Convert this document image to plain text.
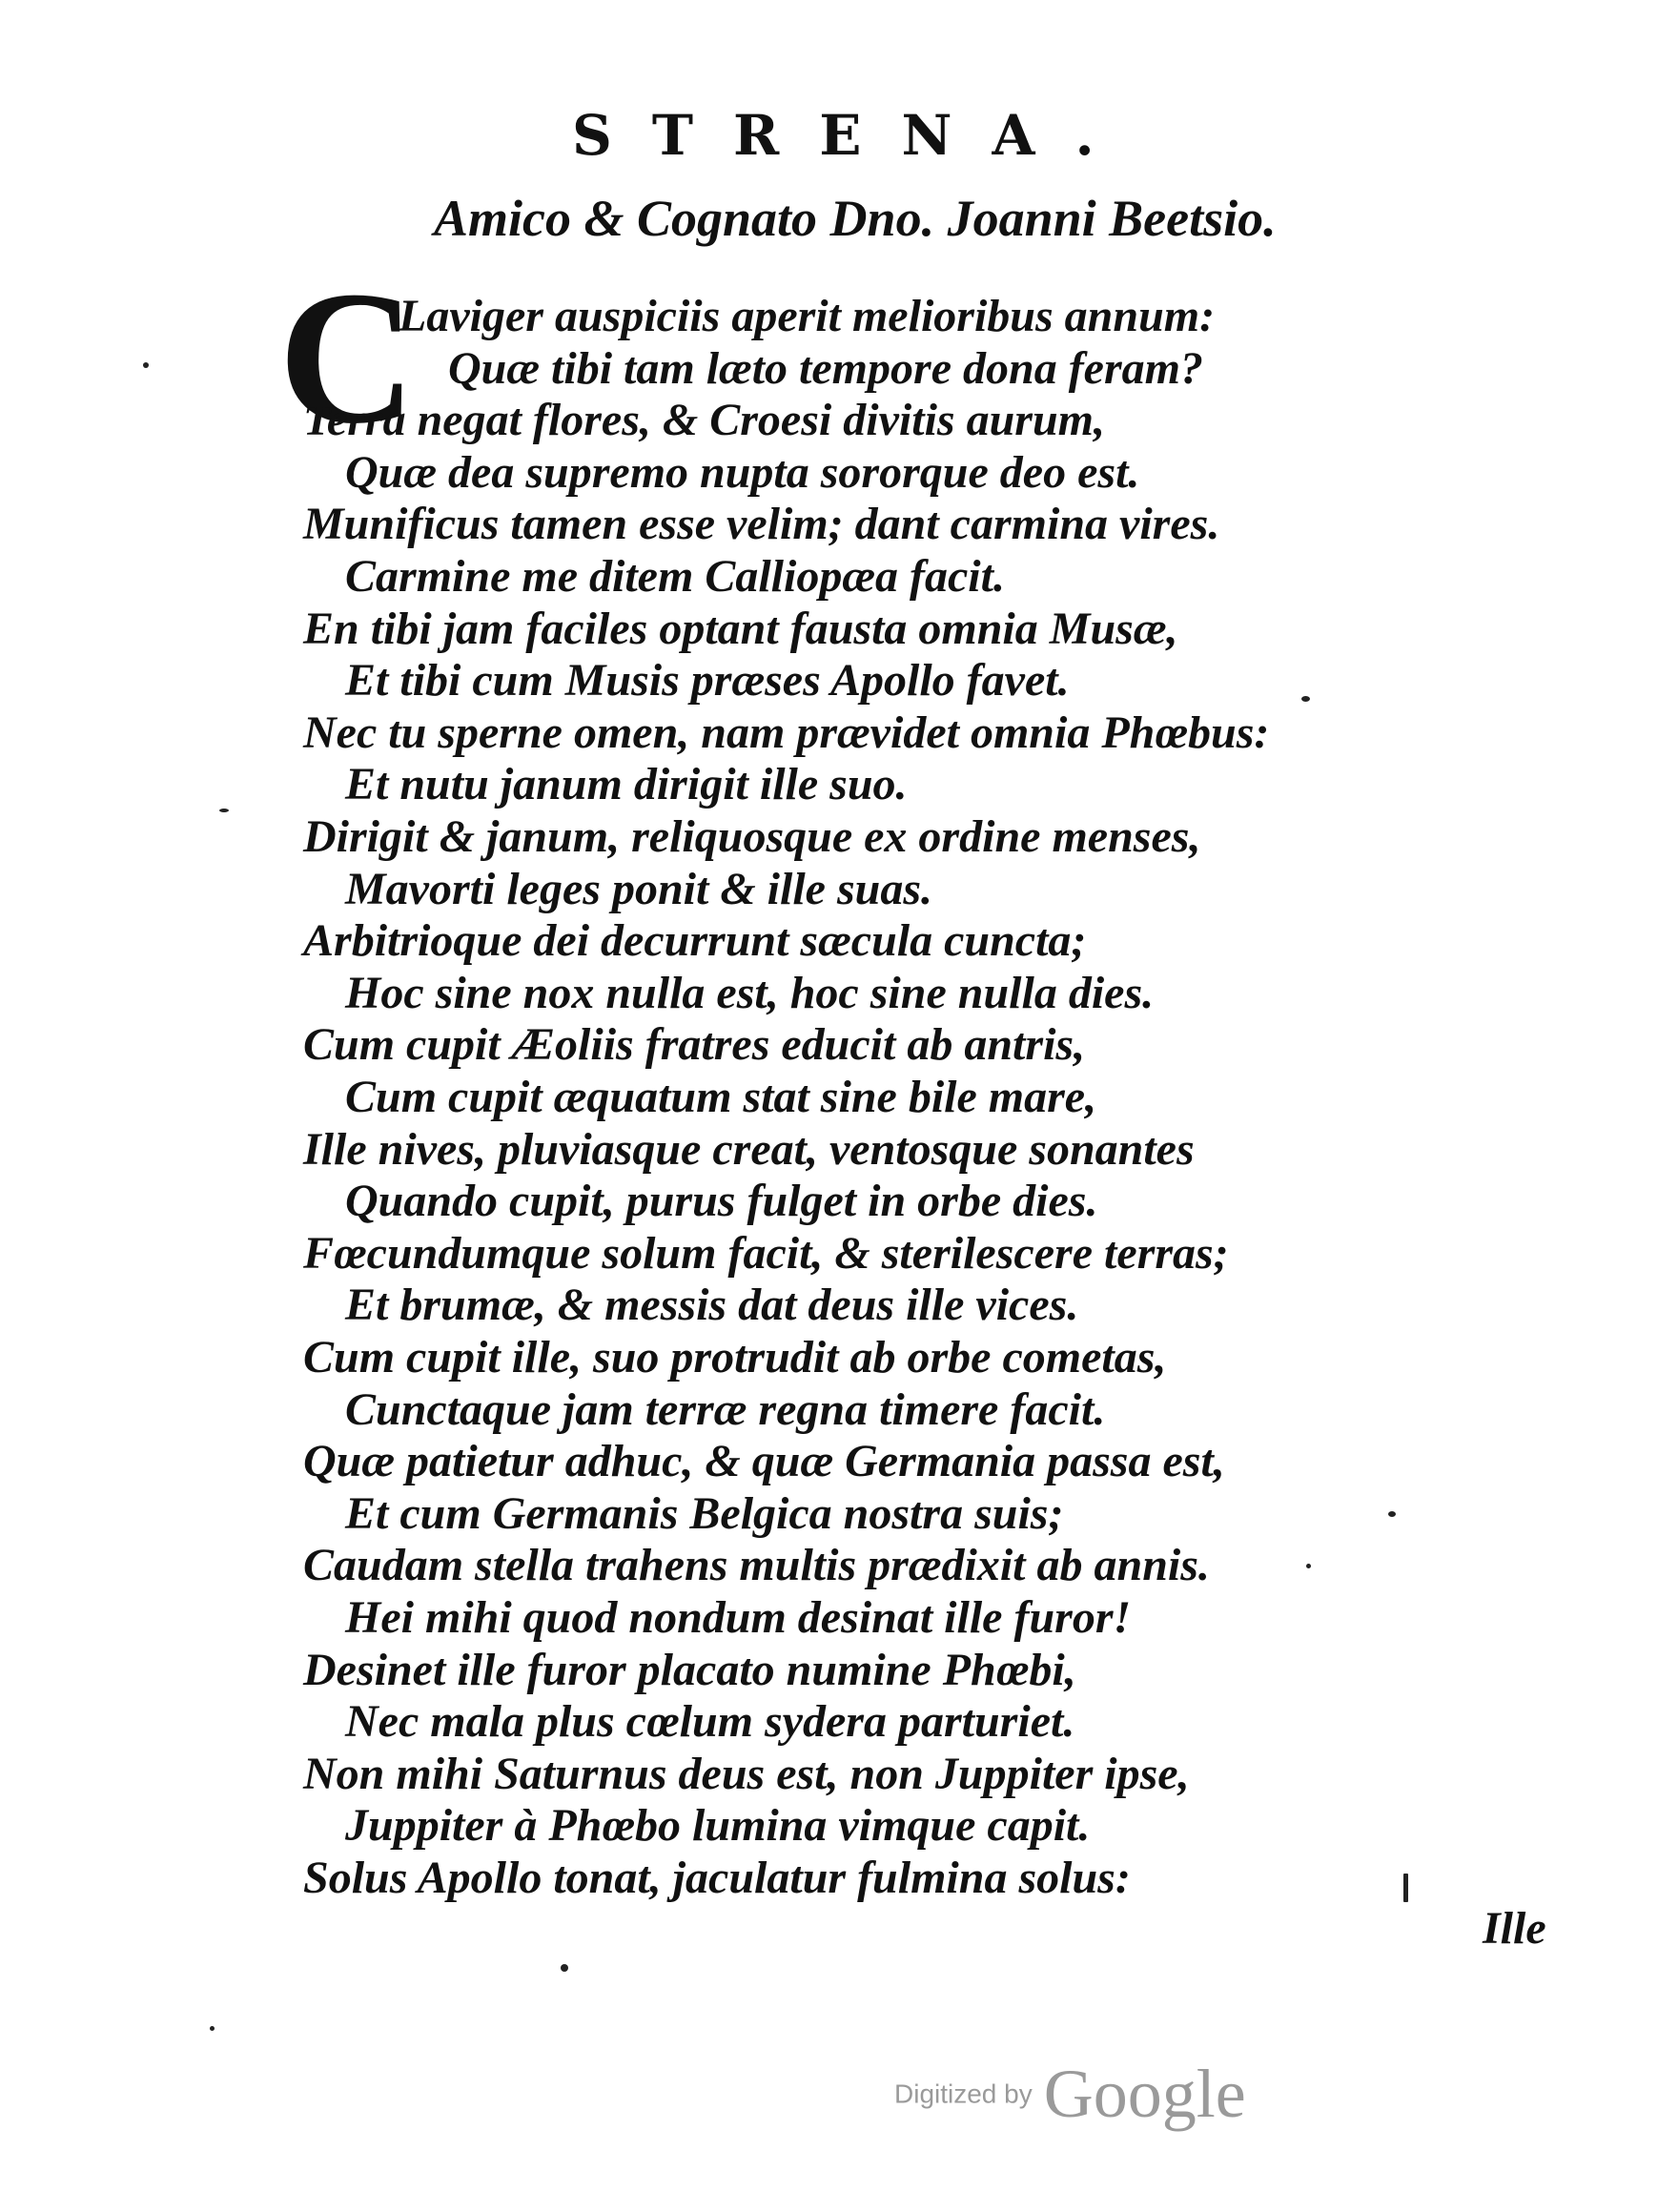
STRENA.
Amico & Cognato Dno. Joanni Beetsio.
C
Laviger auspiciis aperit melioribus annum:
Quæ tibi tam læto tempore dona feram?
Terra negat flores, & Croesi divitis aurum,
Quæ dea supremo nupta sororque deo est.
Munificus tamen esse velim; dant carmina vires.
Carmine me ditem Calliopæa facit.
En tibi jam faciles optant fausta omnia Musæ,
Et tibi cum Musis præses Apollo favet.
Nec tu sperne omen, nam prævidet omnia Phœbus:
Et nutu janum dirigit ille suo.
Dirigit & janum, reliquosque ex ordine menses,
Mavorti leges ponit & ille suas.
Arbitrioque dei decurrunt sæcula cuncta;
Hoc sine nox nulla est, hoc sine nulla dies.
Cum cupit Æoliis fratres educit ab antris,
Cum cupit æquatum stat sine bile mare,
Ille nives, pluviasque creat, ventosque sonantes
Quando cupit, purus fulget in orbe dies.
Fœcundumque solum facit, & sterilescere terras;
Et brumæ, & messis dat deus ille vices.
Cum cupit ille, suo protrudit ab orbe cometas,
Cunctaque jam terræ regna timere facit.
Quæ patietur adhuc, & quæ Germania passa est,
Et cum Germanis Belgica nostra suis;
Caudam stella trahens multis prædixit ab annis.
Hei mihi quod nondum desinat ille furor!
Desinet ille furor placato numine Phœbi,
Nec mala plus cœlum sydera parturiet.
Non mihi Saturnus deus est, non Juppiter ipse,
Juppiter à Phœbo lumina vimque capit.
Solus Apollo tonat, jaculatur fulmina solus:
Ille
Digitized by Google
